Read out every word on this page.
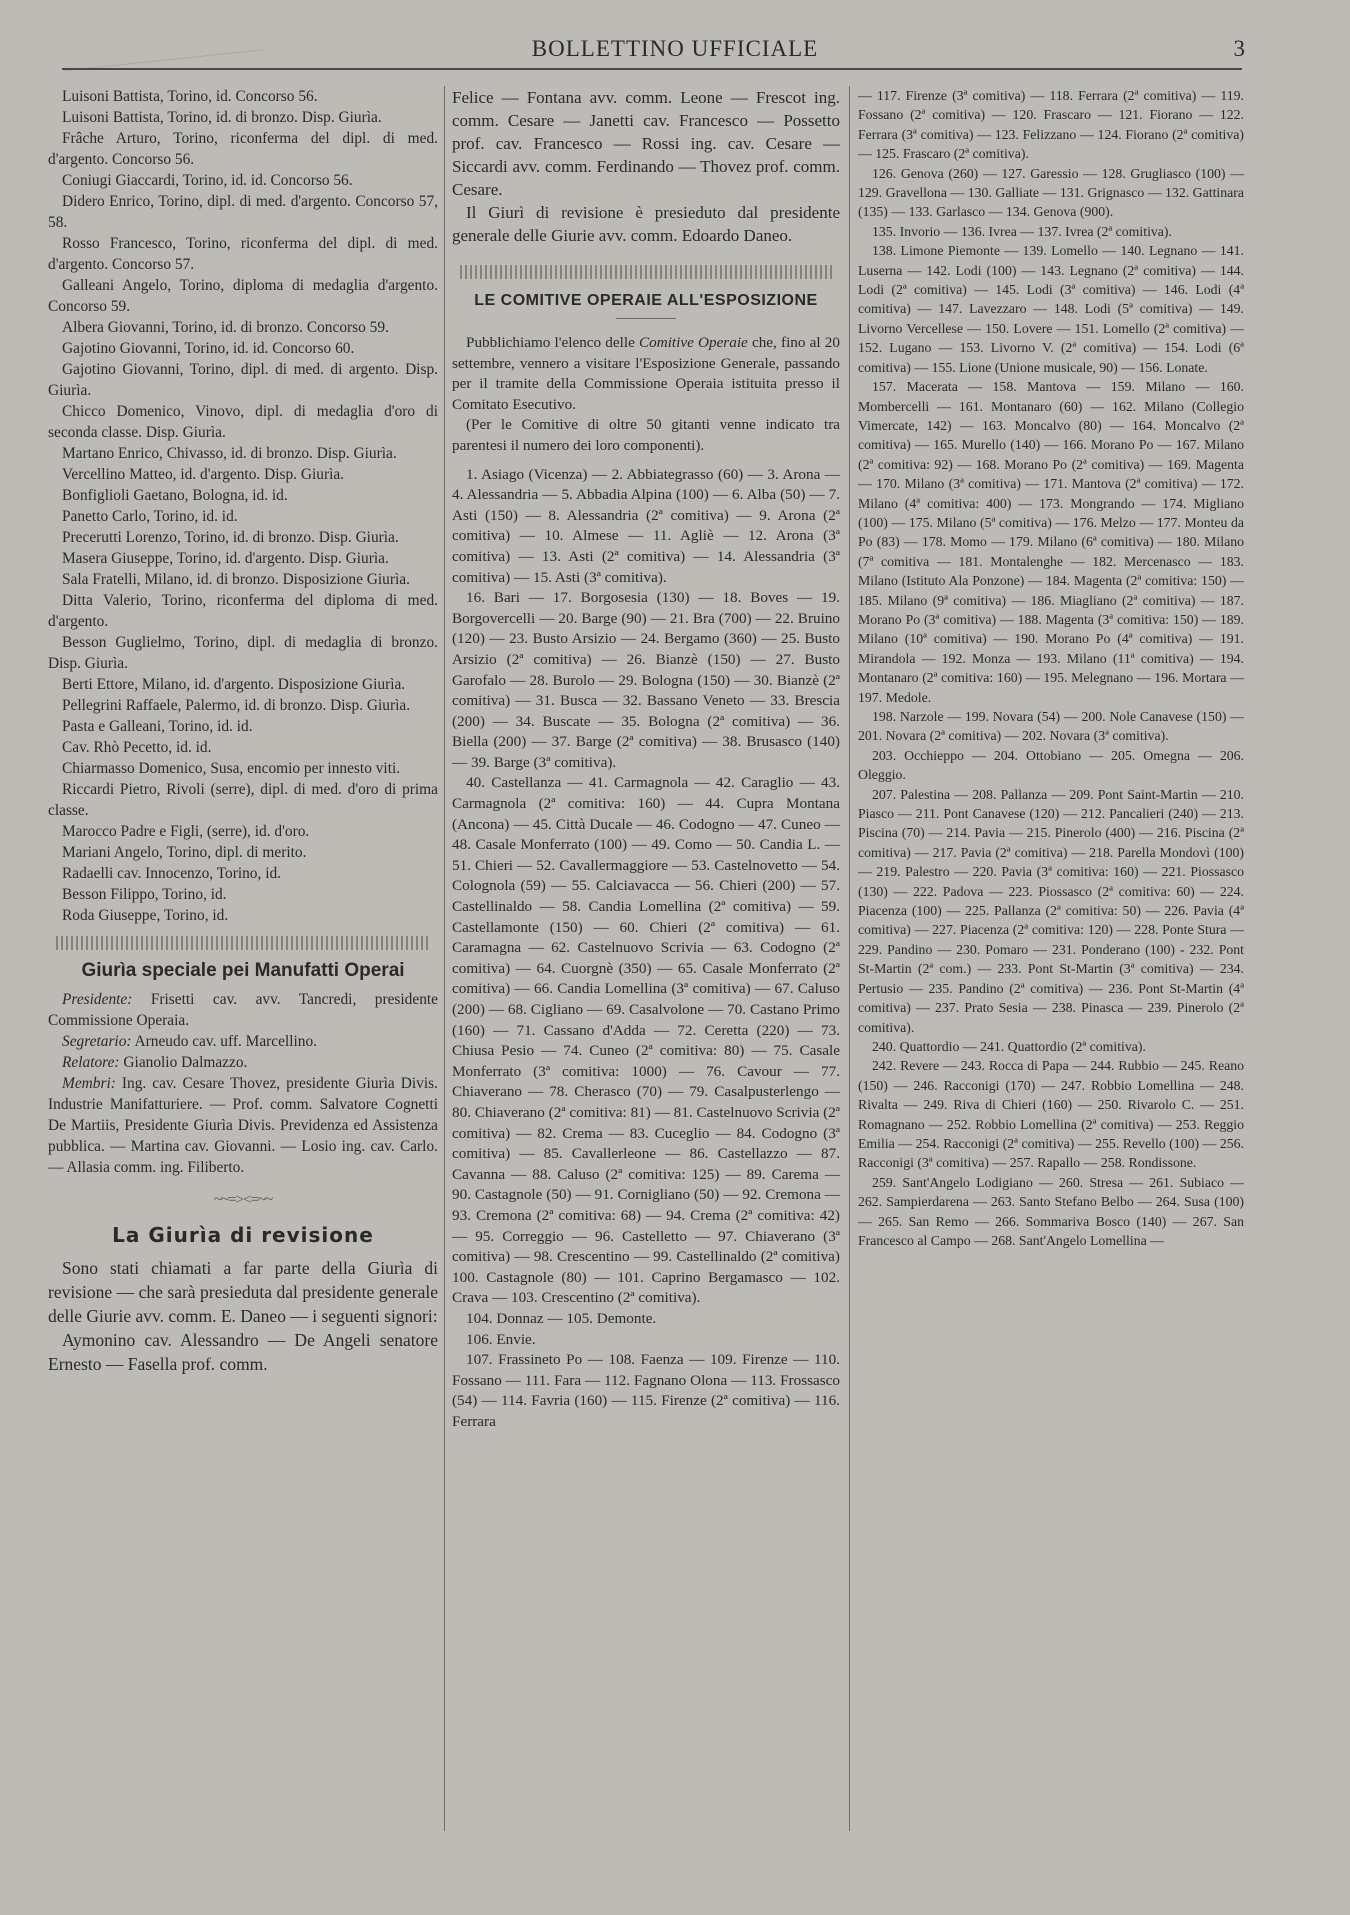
BOLLETTINO UFFICIALE	3

Luisoni Battista, Torino, id. Concorso 56.

Luisoni Battista, Torino, id. di bronzo. Disp. Giurìa.

Frâche Arturo, Torino, riconferma del dipl. di med. d'argento. Concorso 56.

Coniugi Giaccardi, Torino, id. id. Concorso 56.

Didero Enrico, Torino, dipl. di med. d'argento. Concorso 57, 58.

Rosso Francesco, Torino, riconferma del dipl. di med. d'argento. Concorso 57.

Galleani Angelo, Torino, diploma di medaglia d'argento. Concorso 59.

Albera Giovanni, Torino, id. di bronzo. Concorso 59.

Gajotino Giovanni, Torino, id. id. Concorso 60.

Gajotino Giovanni, Torino, dipl. di med. di argento. Disp. Giurìa.

Chicco Domenico, Vinovo, dipl. di medaglia d'oro di seconda classe. Disp. Giurìa.

Martano Enrico, Chivasso, id. di bronzo. Disp. Giurìa.

Vercellino Matteo, id. d'argento. Disp. Giurìa.

Bonfiglioli Gaetano, Bologna, id. id.

Panetto Carlo, Torino, id. id.

Precerutti Lorenzo, Torino, id. di bronzo. Disp. Giurìa.

Masera Giuseppe, Torino, id. d'argento. Disp. Giurìa.

Sala Fratelli, Milano, id. di bronzo. Disposizione Giurìa.

Ditta Valerio, Torino, riconferma del diploma di med. d'argento.

Besson Guglielmo, Torino, dipl. di medaglia di bronzo. Disp. Giurìa.

Berti Ettore, Milano, id. d'argento. Disposizione Giurìa.

Pellegrini Raffaele, Palermo, id. di bronzo. Disp. Giurìa.

Pasta e Galleani, Torino, id. id.

Cav. Rhò Pecetto, id. id.

Chiarmasso Domenico, Susa, encomio per innesto viti.

Riccardi Pietro, Rivoli (serre), dipl. di med. d'oro di prima classe.

Marocco Padre e Figli, (serre), id. d'oro.

Mariani Angelo, Torino, dipl. di merito.

Radaelli cav. Innocenzo, Torino, id.

Besson Filippo, Torino, id.

Roda Giuseppe, Torino, id.

Giurìa speciale pei Manufatti Operai

Presidente: Frisetti cav. avv. Tancredi, presidente Commissione Operaia.

Segretario: Arneudo cav. uff. Marcellino.

Relatore: Gianolio Dalmazzo.

Membri: Ing. cav. Cesare Thovez, presidente Giurìa Divis. Industrie Manifatturiere. — Prof. comm. Salvatore Cognetti De Martiis, Presidente Giurìa Divis. Previdenza ed Assistenza pubblica. — Martina cav. Giovanni. — Losio ing. cav. Carlo. — Allasia comm. ing. Filiberto.

~~=><=~~
La Giurìa di revisione

Sono stati chiamati a far parte della Giurìa di revisione — che sarà presieduta dal presidente generale delle Giurie avv. comm. E. Daneo — i seguenti signori:

Aymonino cav. Alessandro — De Angeli senatore Ernesto — Fasella prof. comm.

Felice — Fontana avv. comm. Leone — Frescot ing. comm. Cesare — Janetti cav. Francesco — Possetto prof. cav. Francesco — Rossi ing. cav. Cesare — Siccardi avv. comm. Ferdinando — Thovez prof. comm. Cesare.

Il Giurì di revisione è presieduto dal presidente generale delle Giurie avv. comm. Edoardo Daneo.

LE COMITIVE OPERAIE ALL'ESPOSIZIONE

Pubblichiamo l'elenco delle Comitive Operaie che, fino al 20 settembre, vennero a visitare l'Esposizione Generale, passando per il tramite della Commissione Operaia istituita presso il Comitato Esecutivo.

(Per le Comitive di oltre 50 gitanti venne indicato tra parentesi il numero dei loro componenti).

1. Asiago (Vicenza) — 2. Abbiategrasso (60) — 3. Arona — 4. Alessandria — 5. Abbadia Alpina (100) — 6. Alba (50) — 7. Asti (150) — 8. Alessandria (2ª comitiva) — 9. Arona (2ª comitiva) — 10. Almese — 11. Agliè — 12. Arona (3ª comitiva) — 13. Asti (2ª comitiva) — 14. Alessandria (3ª comitiva) — 15. Asti (3ª comitiva).

16. Bari — 17. Borgosesia (130) — 18. Boves — 19. Borgovercelli — 20. Barge (90) — 21. Bra (700) — 22. Bruino (120) — 23. Busto Arsizio — 24. Bergamo (360) — 25. Busto Arsizio (2ª comitiva) — 26. Bianzè (150) — 27. Busto Garofalo — 28. Burolo — 29. Bologna (150) — 30. Bianzè (2ª comitiva) — 31. Busca — 32. Bassano Veneto — 33. Brescia (200) — 34. Buscate — 35. Bologna (2ª comitiva) — 36. Biella (200) — 37. Barge (2ª comitiva) — 38. Brusasco (140) — 39. Barge (3ª comitiva).

40. Castellanza — 41. Carmagnola — 42. Caraglio — 43. Carmagnola (2ª comitiva: 160) — 44. Cupra Montana (Ancona) — 45. Città Ducale — 46. Codogno — 47. Cuneo — 48. Casale Monferrato (100) — 49. Como — 50. Candia L. — 51. Chieri — 52. Cavallermaggiore — 53. Castelnovetto — 54. Colognola (59) — 55. Calciavacca — 56. Chieri (200) — 57. Castellinaldo — 58. Candia Lomellina (2ª comitiva) — 59. Castellamonte (150) — 60. Chieri (2ª comitiva) — 61. Caramagna — 62. Castelnuovo Scrivia — 63. Codogno (2ª comitiva) — 64. Cuorgnè (350) — 65. Casale Monferrato (2ª comitiva) — 66. Candia Lomellina (3ª comitiva) — 67. Caluso (200) — 68. Cigliano — 69. Casalvolone — 70. Castano Primo (160) — 71. Cassano d'Adda — 72. Ceretta (220) — 73. Chiusa Pesio — 74. Cuneo (2ª comitiva: 80) — 75. Casale Monferrato (3ª comitiva: 1000) — 76. Cavour — 77. Chiaverano — 78. Cherasco (70) — 79. Casalpusterlengo — 80. Chiaverano (2ª comitiva: 81) — 81. Castelnuovo Scrivia (2ª comitiva) — 82. Crema — 83. Cuceglio — 84. Codogno (3ª comitiva) — 85. Cavallerleone — 86. Castellazzo — 87. Cavanna — 88. Caluso (2ª comitiva: 125) — 89. Carema — 90. Castagnole (50) — 91. Cornigliano (50) — 92. Cremona — 93. Cremona (2ª comitiva: 68) — 94. Crema (2ª comitiva: 42) — 95. Correggio — 96. Castelletto — 97. Chiaverano (3ª comitiva) — 98. Crescentino — 99. Castellinaldo (2ª comitiva) 100. Castagnole (80) — 101. Caprino Bergamasco — 102. Crava — 103. Crescentino (2ª comitiva).

104. Donnaz — 105. Demonte.

106. Envie.

107. Frassineto Po — 108. Faenza — 109. Firenze — 110. Fossano — 111. Fara — 112. Fagnano Olona — 113. Frossasco (54) — 114. Favria (160) — 115. Firenze (2ª comitiva) — 116. Ferrara

— 117. Firenze (3ª comitiva) — 118. Ferrara (2ª comitiva) — 119. Fossano (2ª comitiva) — 120. Frascaro — 121. Fiorano — 122. Ferrara (3ª comitiva) — 123. Felizzano — 124. Fiorano (2ª comitiva) — 125. Frascaro (2ª comitiva).

126. Genova (260) — 127. Garessio — 128. Grugliasco (100) — 129. Gravellona — 130. Galliate — 131. Grignasco — 132. Gattinara (135) — 133. Garlasco — 134. Genova (900).

135. Invorio — 136. Ivrea — 137. Ivrea (2ª comitiva).

138. Limone Piemonte — 139. Lomello — 140. Legnano — 141. Luserna — 142. Lodi (100) — 143. Legnano (2ª comitiva) — 144. Lodi (2ª comitiva) — 145. Lodi (3ª comitiva) — 146. Lodi (4ª comitiva) — 147. Lavezzaro — 148. Lodi (5ª comitiva) — 149. Livorno Vercellese — 150. Lovere — 151. Lomello (2ª comitiva) — 152. Lugano — 153. Livorno V. (2ª comitiva) — 154. Lodi (6ª comitiva) — 155. Lione (Unione musicale, 90) — 156. Lonate.

157. Macerata — 158. Mantova — 159. Milano — 160. Mombercelli — 161. Montanaro (60) — 162. Milano (Collegio Vimercate, 142) — 163. Moncalvo (80) — 164. Moncalvo (2ª comitiva) — 165. Murello (140) — 166. Morano Po — 167. Milano (2ª comitiva: 92) — 168. Morano Po (2ª comitiva) — 169. Magenta — 170. Milano (3ª comitiva) — 171. Mantova (2ª comitiva) — 172. Milano (4ª comitiva: 400) — 173. Mongrando — 174. Migliano (100) — 175. Milano (5ª comitiva) — 176. Melzo — 177. Monteu da Po (83) — 178. Momo — 179. Milano (6ª comitiva) — 180. Milano (7ª comitiva — 181. Montalenghe — 182. Mercenasco — 183. Milano (Istituto Ala Ponzone) — 184. Magenta (2ª comitiva: 150) — 185. Milano (9ª comitiva) — 186. Miagliano (2ª comitiva) — 187. Morano Po (3ª comitiva) — 188. Magenta (3ª comitiva: 150) — 189. Milano (10ª comitiva) — 190. Morano Po (4ª comitiva) — 191. Mirandola — 192. Monza — 193. Milano (11ª comitiva) — 194. Montanaro (2ª comitiva: 160) — 195. Melegnano — 196. Mortara — 197. Medole.

198. Narzole — 199. Novara (54) — 200. Nole Canavese (150) — 201. Novara (2ª comitiva) — 202. Novara (3ª comitiva).

203. Occhieppo — 204. Ottobiano — 205. Omegna — 206. Oleggio.

207. Palestina — 208. Pallanza — 209. Pont Saint-Martin — 210. Piasco — 211. Pont Canavese (120) — 212. Pancalieri (240) — 213. Piscina (70) — 214. Pavia — 215. Pinerolo (400) — 216. Piscina (2ª comitiva) — 217. Pavia (2ª comitiva) — 218. Parella Mondovì (100) — 219. Palestro — 220. Pavia (3ª comitiva: 160) — 221. Piossasco (130) — 222. Padova — 223. Piossasco (2ª comitiva: 60) — 224. Piacenza (100) — 225. Pallanza (2ª comitiva: 50) — 226. Pavia (4ª comitiva) — 227. Piacenza (2ª comitiva: 120) — 228. Ponte Stura — 229. Pandino — 230. Pomaro — 231. Ponderano (100) - 232. Pont St-Martin (2ª com.) — 233. Pont St-Martin (3ª comitiva) — 234. Pertusio — 235. Pandino (2ª comitiva) — 236. Pont St-Martin (4ª comitiva) — 237. Prato Sesia — 238. Pinasca — 239. Pinerolo (2ª comitiva).

240. Quattordio — 241. Quattordio (2ª comitiva).

242. Revere — 243. Rocca di Papa — 244. Rubbio — 245. Reano (150) — 246. Racconigi (170) — 247. Robbio Lomellina — 248. Rivalta — 249. Riva di Chieri (160) — 250. Rivarolo C. — 251. Romagnano — 252. Robbio Lomellina (2ª comitiva) — 253. Reggio Emilia — 254. Racconigi (2ª comitiva) — 255. Revello (100) — 256. Racconigi (3ª comitiva) — 257. Rapallo — 258. Rondissone.

259. Sant'Angelo Lodigiano — 260. Stresa — 261. Subiaco — 262. Sampierdarena — 263. Santo Stefano Belbo — 264. Susa (100) — 265. San Remo — 266. Sommariva Bosco (140) — 267. San Francesco al Campo — 268. Sant'Angelo Lomellina —
